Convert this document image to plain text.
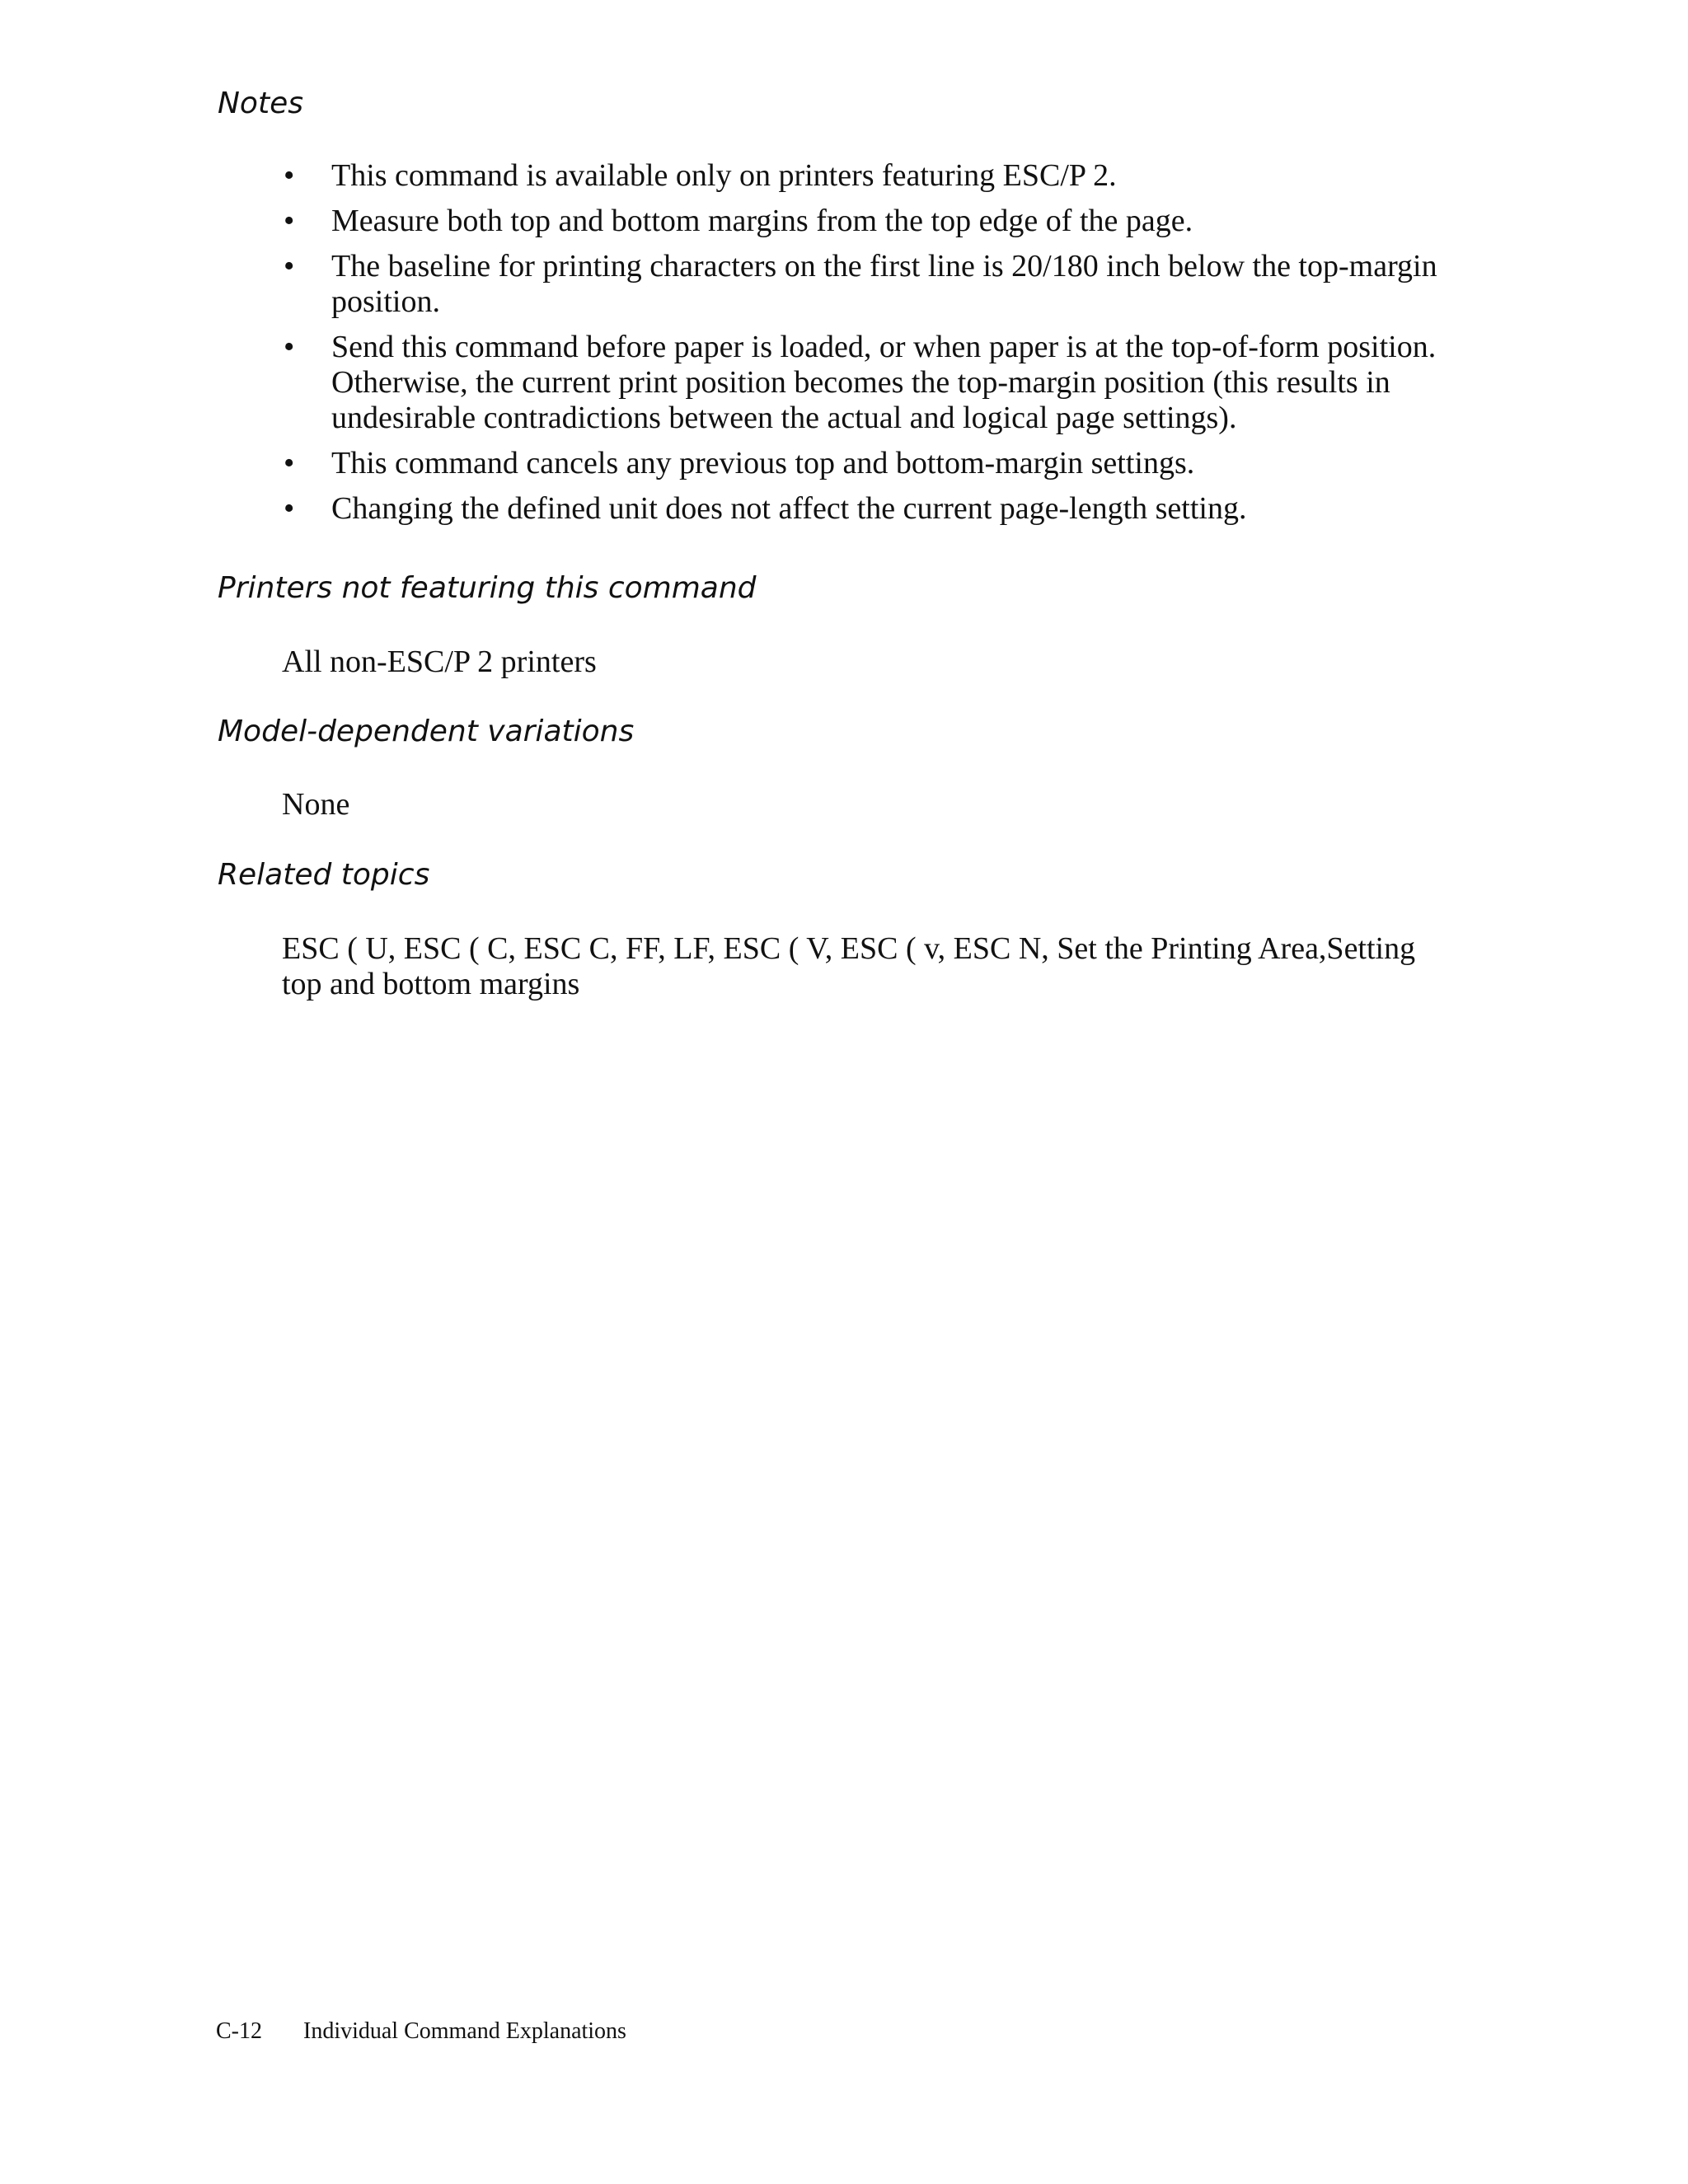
Notes
•	This command is available only on printers featuring ESC/P 2.
•	Measure both top and bottom margins from the top edge of the page.
•	The baseline for printing characters on the first line is 20/180 inch below the top-margin position.
•	Send this command before paper is loaded, or when paper is at the top-of-form position. Otherwise, the current print position becomes the top-margin position (this results in undesirable contradictions between the actual and logical page settings).
•	This command cancels any previous top and bottom-margin settings.
•	Changing the defined unit does not affect the current page-length setting.
Printers not featuring this command

All non-ESC/P 2 printers

Model-dependent variations

None

Related topics

ESC ( U, ESC ( C, ESC C, FF, LF, ESC ( V, ESC ( v, ESC N, Set the Printing Area,Setting top and bottom margins

C-12 Individual Command Explanations
